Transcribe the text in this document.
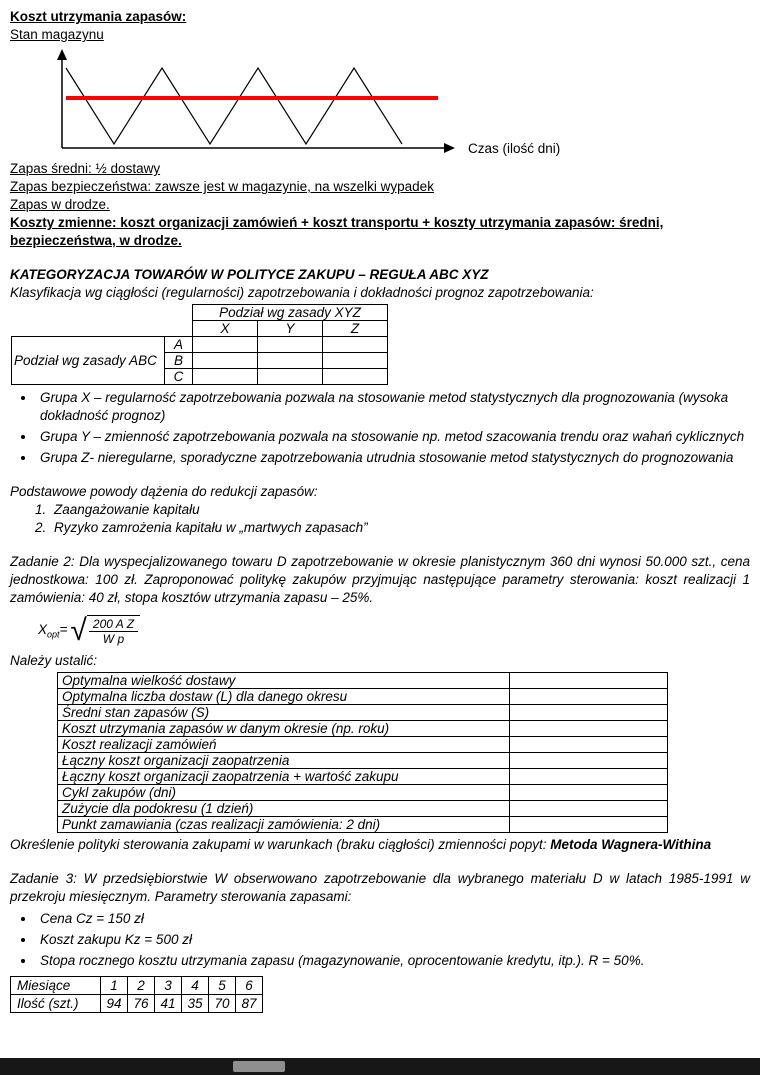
Koszt utrzymania zapasów:

Stan magazynu

Czas (ilość dni)

Zapas średni: ½ dostawy

Zapas bezpieczeństwa: zawsze jest w magazynie, na wszelki wypadek

Zapas w drodze.

Koszty zmienne: koszt organizacji zamówień + koszt transportu + koszty utrzymania zapasów: średni, bezpieczeństwa, w drodze.

KATEGORYZACJA TOWARÓW W POLITYCE ZAKUPU – REGUŁA ABC XYZ

Klasyfikacja wg ciągłości (regularności) zapotrzebowania i dokładności prognoz zapotrzebowania:

		Podział wg zasady XYZ		
		X	Y	Z
Podział wg zasady ABC	A			
	B			
	C			
• Grupa X – regularność zapotrzebowania pozwala na stosowanie metod statystycznych dla prognozowania (wysoka dokładność prognoz)
• Grupa Y – zmienność zapotrzebowania pozwala na stosowanie np. metod szacowania trendu oraz wahań cyklicznych
• Grupa Z- nieregularne, sporadyczne zapotrzebowania utrudnia stosowanie metod statystycznych do prognozowania

Podstawowe powody dążenia do redukcji zapasów:

1. Zaangażowanie kapitału
2. Ryzyko zamrożenia kapitału w „martwych zapasach”

Zadanie 2: Dla wyspecjalizowanego towaru D zapotrzebowanie w okresie planistycznym 360 dni wynosi 50.000 szt., cena jednostkowa: 100 zł. Zaproponować politykę zakupów przyjmując następujące parametry sterowania: koszt realizacji 1 zamówienia: 40 zł, stopa kosztów utrzymania zapasu – 25%.

$X_{opt}=$ √ $\frac{\text{200 A Z}}{\text{W p}}$

Należy ustalić:

Optymalna wielkość dostawy	
Optymalna liczba dostaw (L) dla danego okresu	
Średni stan zapasów (S)	
Koszt utrzymania zapasów w danym okresie (np. roku)	
Koszt realizacji zamówień	
Łączny koszt organizacji zaopatrzenia	
Łączny koszt organizacji zaopatrzenia + wartość zakupu	
Cykl zakupów (dni)	
Zużycie dla podokresu (1 dzień)	
Punkt zamawiania (czas realizacji zamówienia: 2 dni)	

Określenie polityki sterowania zakupami w warunkach (braku ciągłości) zmienności popyt: Metoda Wagnera-Withina

Zadanie 3: W przedsiębiorstwie W obserwowano zapotrzebowanie dla wybranego materiału D w latach 1985-1991 w przekroju miesięcznym. Parametry sterowania zapasami:

• Cena Cz = 150 zł
• Koszt zakupu Kz = 500 zł
• Stopa rocznego kosztu utrzymania zapasu (magazynowanie, oprocentowanie kredytu, itp.). R = 50%.
Miesiące	1	2	3	4	5	6
Ilość (szt.)	94	76	41	35	70	87
